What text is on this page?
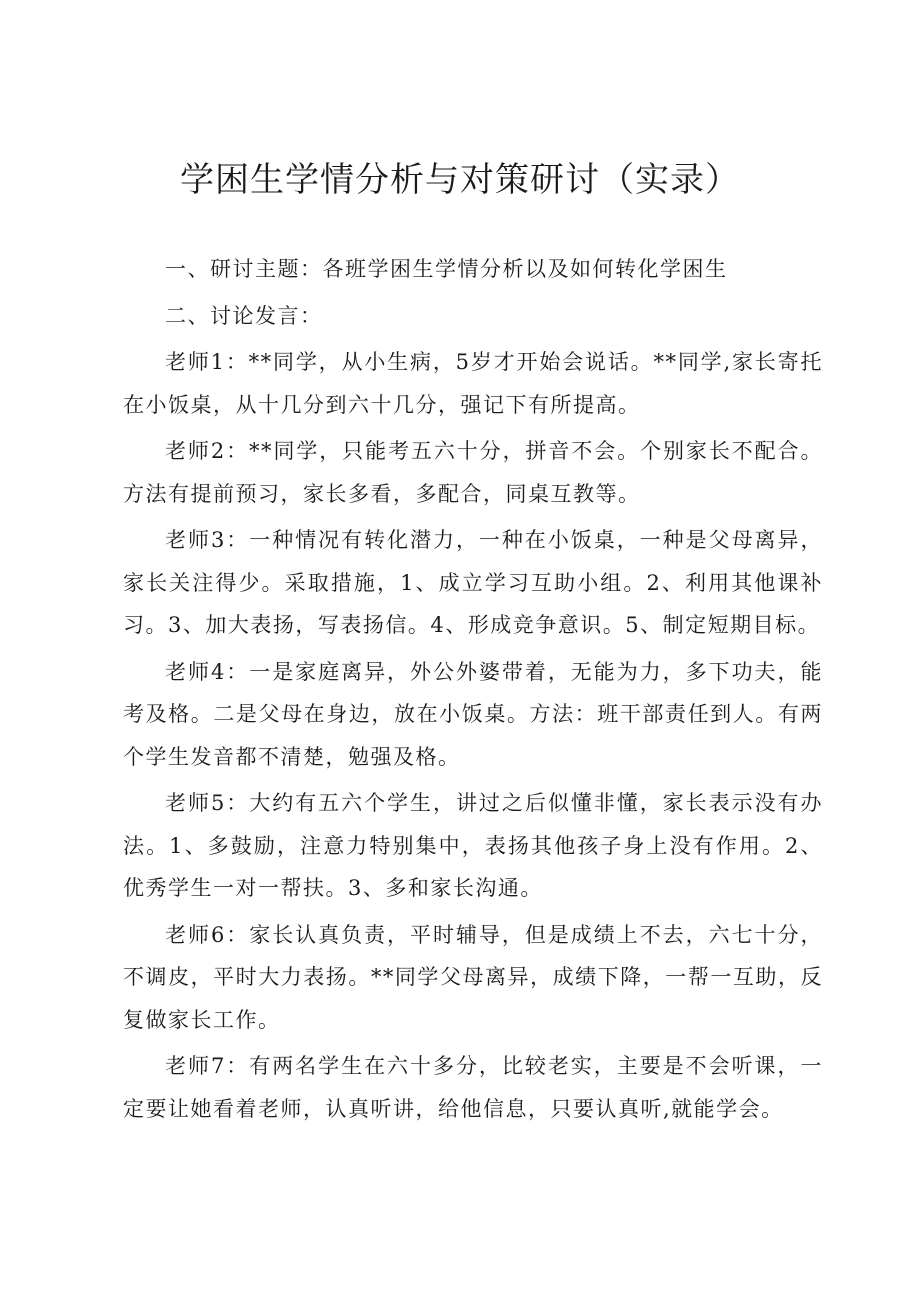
学困生学情分析与对策研讨（实录）

一、研讨主题：各班学困生学情分析以及如何转化学困生

二、讨论发言：

老师1：**同学，从小生病，5岁才开始会说话。**同学,家长寄托在小饭桌，从十几分到六十几分，强记下有所提高。

老师2：**同学，只能考五六十分，拼音不会。个别家长不配合。方法有提前预习，家长多看，多配合，同桌互教等。

老师3：一种情况有转化潜力，一种在小饭桌，一种是父母离异，家长关注得少。采取措施，1、成立学习互助小组。2、利用其他课补习。3、加大表扬，写表扬信。4、形成竞争意识。5、制定短期目标。

老师4：一是家庭离异，外公外婆带着，无能为力，多下功夫，能考及格。二是父母在身边，放在小饭桌。方法：班干部责任到人。有两个学生发音都不清楚，勉强及格。

老师5：大约有五六个学生，讲过之后似懂非懂，家长表示没有办法。1、多鼓励，注意力特别集中，表扬其他孩子身上没有作用。2、优秀学生一对一帮扶。3、多和家长沟通。

老师6：家长认真负责，平时辅导，但是成绩上不去，六七十分，不调皮，平时大力表扬。**同学父母离异，成绩下降，一帮一互助，反复做家长工作。

老师7：有两名学生在六十多分，比较老实，主要是不会听课，一定要让她看着老师，认真听讲，给他信息，只要认真听,就能学会。
